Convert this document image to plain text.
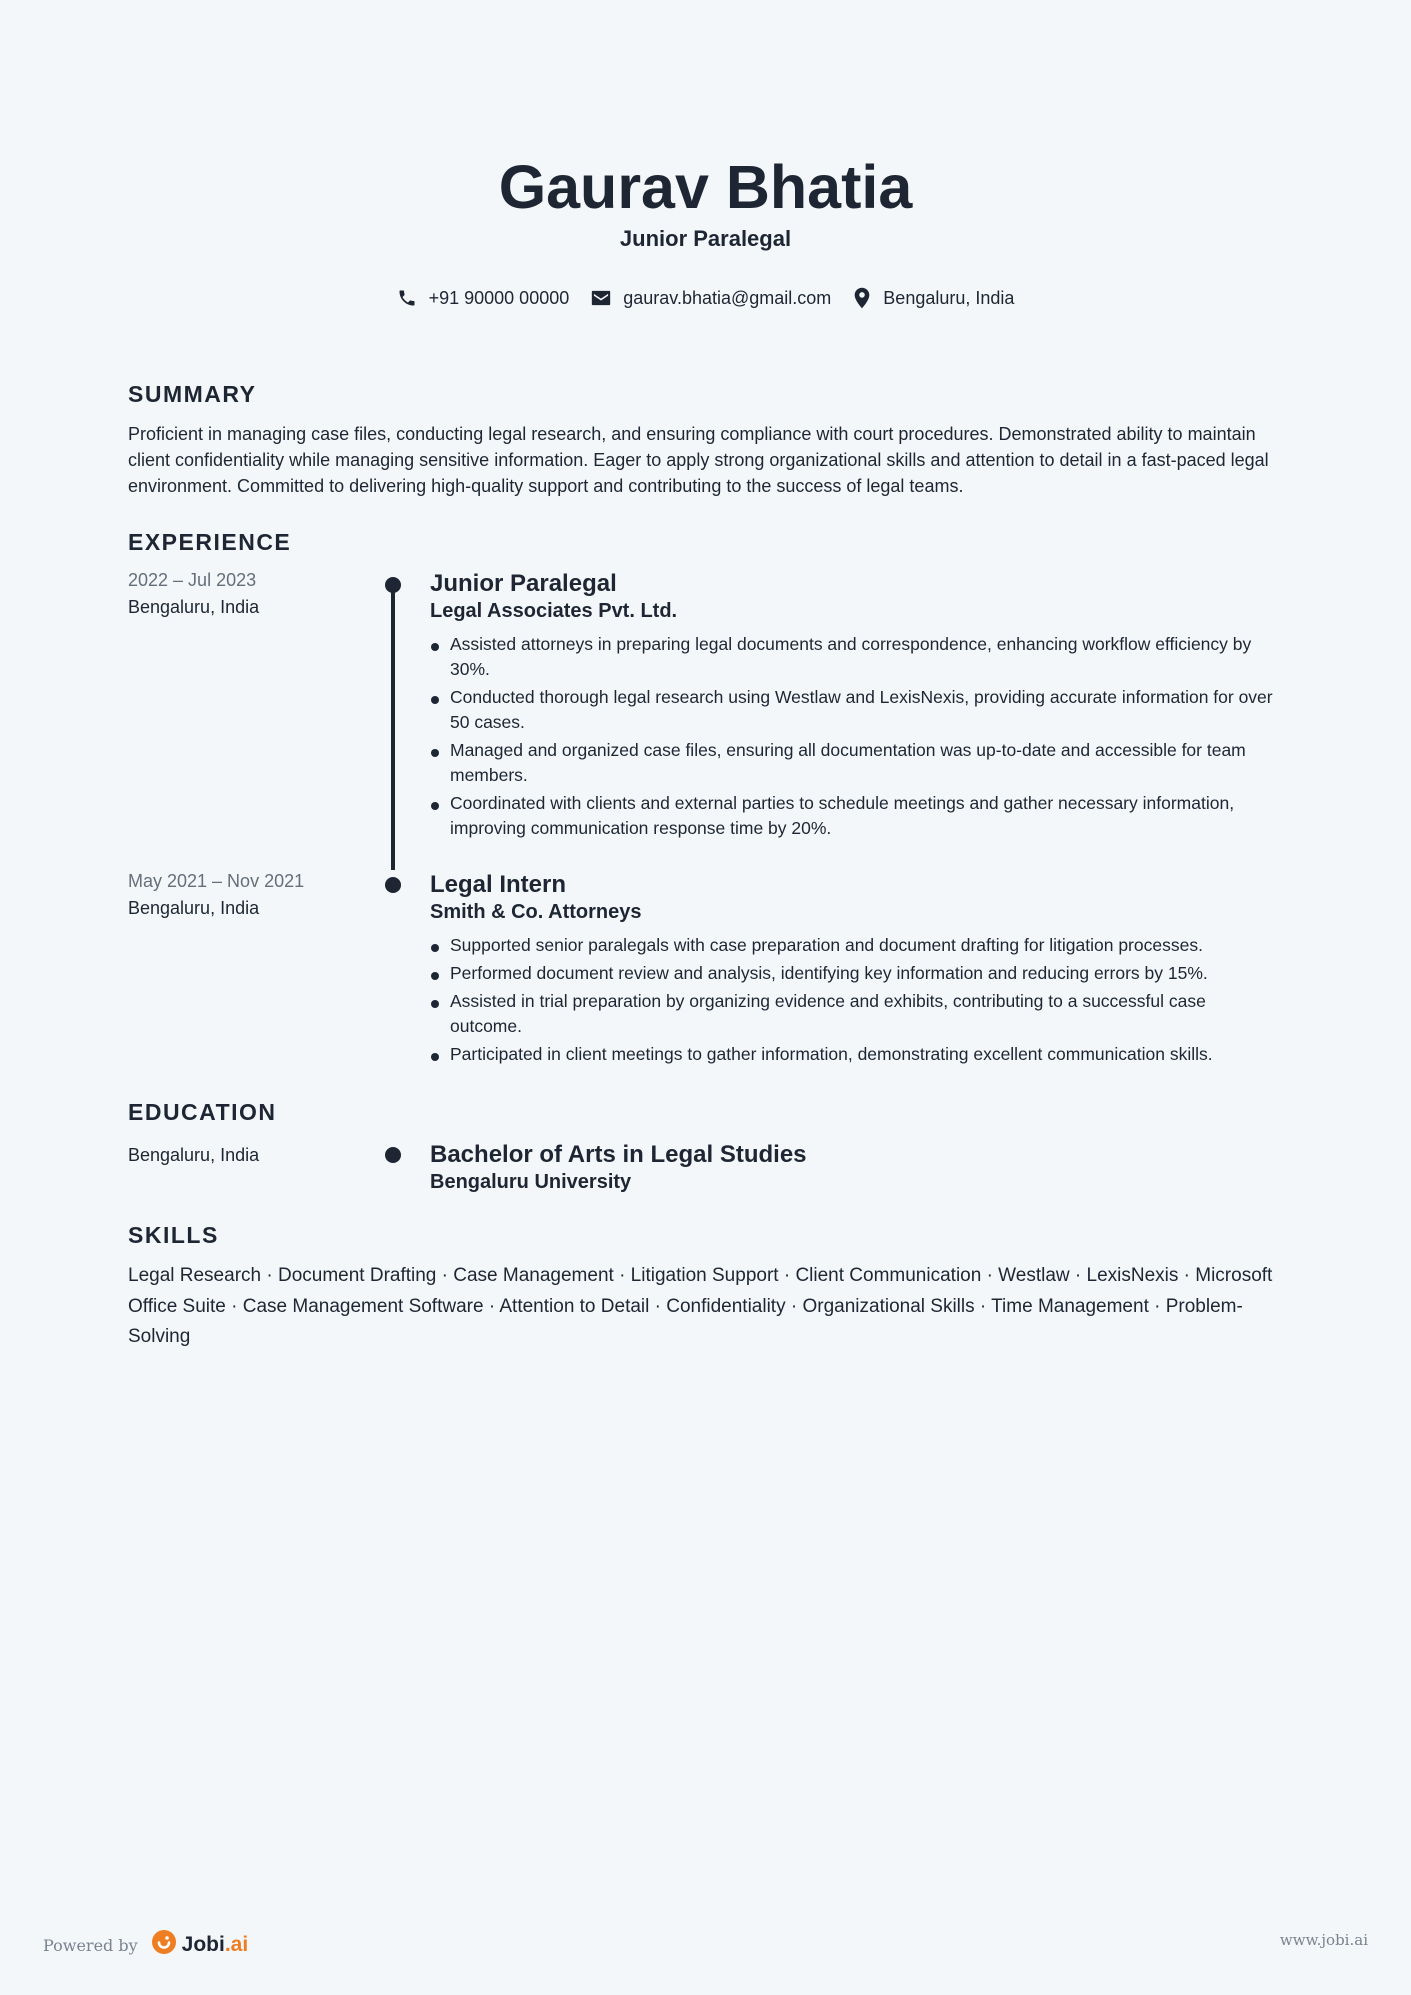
Gaurav Bhatia
Junior Paralegal
+91 90000 00000	gaurav.bhatia@gmail.com	Bengaluru, India
SUMMARY
Proficient in managing case files, conducting legal research, and ensuring compliance with court procedures. Demonstrated ability to maintain client confidentiality while managing sensitive information. Eager to apply strong organizational skills and attention to detail in a fast-paced legal environment. Committed to delivering high-quality support and contributing to the success of legal teams.
EXPERIENCE
2022 – Jul 2023
Bengaluru, India
Junior Paralegal
Legal Associates Pvt. Ltd.
Assisted attorneys in preparing legal documents and correspondence, enhancing workflow efficiency by 30%.
Conducted thorough legal research using Westlaw and LexisNexis, providing accurate information for over 50 cases.
Managed and organized case files, ensuring all documentation was up-to-date and accessible for team members.
Coordinated with clients and external parties to schedule meetings and gather necessary information, improving communication response time by 20%.
May 2021 – Nov 2021
Bengaluru, India
Legal Intern
Smith & Co. Attorneys
Supported senior paralegals with case preparation and document drafting for litigation processes.
Performed document review and analysis, identifying key information and reducing errors by 15%.
Assisted in trial preparation by organizing evidence and exhibits, contributing to a successful case outcome.
Participated in client meetings to gather information, demonstrating excellent communication skills.
EDUCATION
Bengaluru, India	Bachelor of Arts in Legal Studies
Bengaluru University
SKILLS
Legal Research · Document Drafting · Case Management · Litigation Support · Client Communication · Westlaw · LexisNexis · Microsoft Office Suite · Case Management Software · Attention to Detail · Confidentiality · Organizational Skills · Time Management · Problem-Solving
Powered by Jobi.ai	www.jobi.ai
